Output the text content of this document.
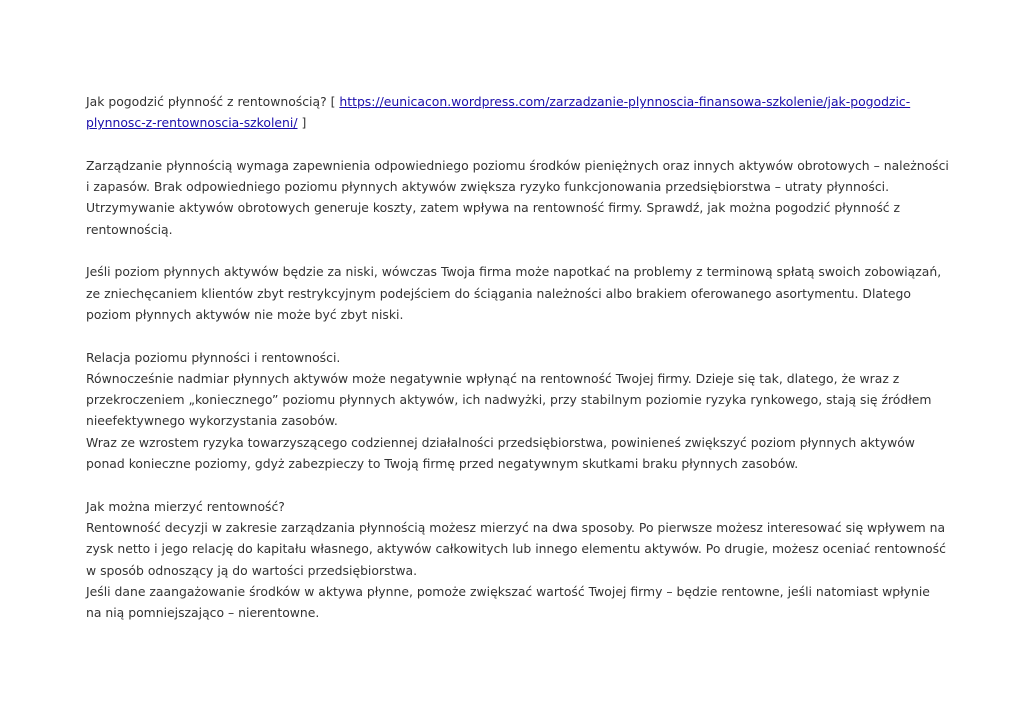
Jak pogodzić płynność z rentownością? [ https://eunicacon.wordpress.com/zarzadzanie-plynnoscia-finansowa-szkolenie/jak-pogodzic-
plynnosc-z-rentownoscia-szkoleni/ ]
Zarządzanie płynnością wymaga zapewnienia odpowiedniego poziomu środków pieniężnych oraz innych aktywów obrotowych – należności
i zapasów. Brak odpowiedniego poziomu płynnych aktywów zwiększa ryzyko funkcjonowania przedsiębiorstwa – utraty płynności.
Utrzymywanie aktywów obrotowych generuje koszty, zatem wpływa na rentowność firmy. Sprawdź, jak można pogodzić płynność z
rentownością.
Jeśli poziom płynnych aktywów będzie za niski, wówczas Twoja firma może napotkać na problemy z terminową spłatą swoich zobowiązań,
ze zniechęcaniem klientów zbyt restrykcyjnym podejściem do ściągania należności albo brakiem oferowanego asortymentu. Dlatego
poziom płynnych aktywów nie może być zbyt niski.
Relacja poziomu płynności i rentowności.
Równocześnie nadmiar płynnych aktywów może negatywnie wpłynąć na rentowność Twojej firmy. Dzieje się tak, dlatego, że wraz z
przekroczeniem „koniecznego” poziomu płynnych aktywów, ich nadwyżki, przy stabilnym poziomie ryzyka rynkowego, stają się źródłem
nieefektywnego wykorzystania zasobów.
Wraz ze wzrostem ryzyka towarzyszącego codziennej działalności przedsiębiorstwa, powinieneś zwiększyć poziom płynnych aktywów
ponad konieczne poziomy, gdyż zabezpieczy to Twoją firmę przed negatywnym skutkami braku płynnych zasobów.
Jak można mierzyć rentowność?
Rentowność decyzji w zakresie zarządzania płynnością możesz mierzyć na dwa sposoby. Po pierwsze możesz interesować się wpływem na
zysk netto i jego relację do kapitału własnego, aktywów całkowitych lub innego elementu aktywów. Po drugie, możesz oceniać rentowność
w sposób odnoszący ją do wartości przedsiębiorstwa.
Jeśli dane zaangażowanie środków w aktywa płynne, pomoże zwiększać wartość Twojej firmy – będzie rentowne, jeśli natomiast wpłynie
na nią pomniejszająco – nierentowne.
